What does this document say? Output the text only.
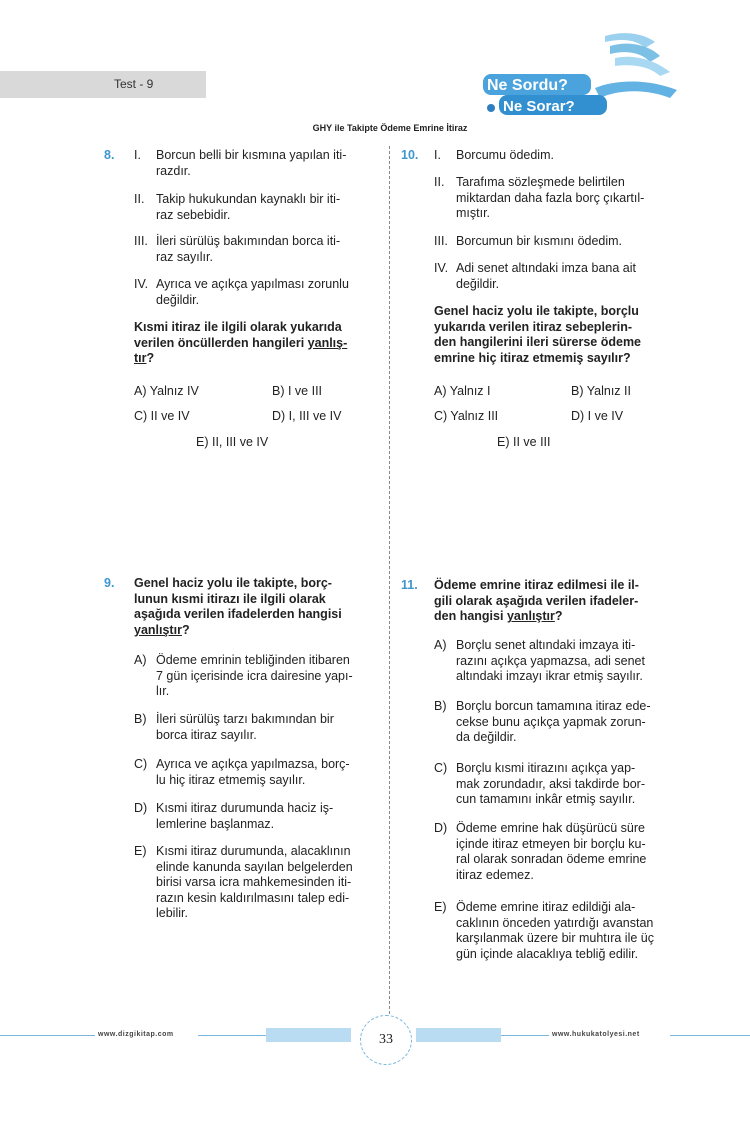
Test - 9	Ne Sordu?
Ne Sorar?
GHY ile Takipte Ödeme Emrine İtiraz
8. I. Borcun belli bir kısmına yapılan iti-
razdır.
II. Takip hukukundan kaynaklı bir iti-
raz sebebidir.
III. İleri sürülüş bakımından borca iti-
raz sayılır.
IV. Ayrıca ve açıkça yapılması zorunlu
değildir.
Kısmi itiraz ile ilgili olarak yukarıda
verilen öncüllerden hangileri yanlış-
tır?
A) Yalnız IV	B) I ve III
C) II ve IV	D) I, III ve IV
E) II, III ve IV
10. I. Borcumu ödedim.
II. Tarafıma sözleşmede belirtilen
miktardan daha fazla borç çıkartıl-
mıştır.
III. Borcumun bir kısmını ödedim.
IV. Adi senet altındaki imza bana ait
değildir.
Genel haciz yolu ile takipte, borçlu
yukarıda verilen itiraz sebeplerin-
den hangilerini ileri sürerse ödeme
emrine hiç itiraz etmemiş sayılır?
A) Yalnız I	B) Yalnız II
C) Yalnız III	D) I ve IV
E) II ve III
9. Genel haciz yolu ile takipte, borç-
lunun kısmi itirazı ile ilgili olarak
aşağıda verilen ifadelerden hangisi
yanlıştır?
A) Ödeme emrinin tebliğinden itibaren
7 gün içerisinde icra dairesine yapı-
lır.
B) İleri sürülüş tarzı bakımından bir
borca itiraz sayılır.
C) Ayrıca ve açıkça yapılmazsa, borç-
lu hiç itiraz etmemiş sayılır.
D) Kısmi itiraz durumunda haciz iş-
lemlerine başlanmaz.
E) Kısmi itiraz durumunda, alacaklının
elinde kanunda sayılan belgelerden
birisi varsa icra mahkemesinden iti-
razın kesin kaldırılmasını talep edi-
lebilir.
11. Ödeme emrine itiraz edilmesi ile il-
gili olarak aşağıda verilen ifadeler-
den hangisi yanlıştır?
A) Borçlu senet altındaki imzaya iti-
razını açıkça yapmazsa, adi senet
altındaki imzayı ikrar etmiş sayılır.
B) Borçlu borcun tamamına itiraz ede-
cekse bunu açıkça yapmak zorun-
da değildir.
C) Borçlu kısmi itirazını açıkça yap-
mak zorundadır, aksi takdirde bor-
cun tamamını inkâr etmiş sayılır.
D) Ödeme emrine hak düşürücü süre
içinde itiraz etmeyen bir borçlu ku-
ral olarak sonradan ödeme emrine
itiraz edemez.
E) Ödeme emrine itiraz edildiği ala-
caklının önceden yatırdığı avanstan
karşılanmak üzere bir muhtıra ile üç
gün içinde alacaklıya tebliğ edilir.
www.dizgikitap.com	www.hukukatolyesi.net
33
